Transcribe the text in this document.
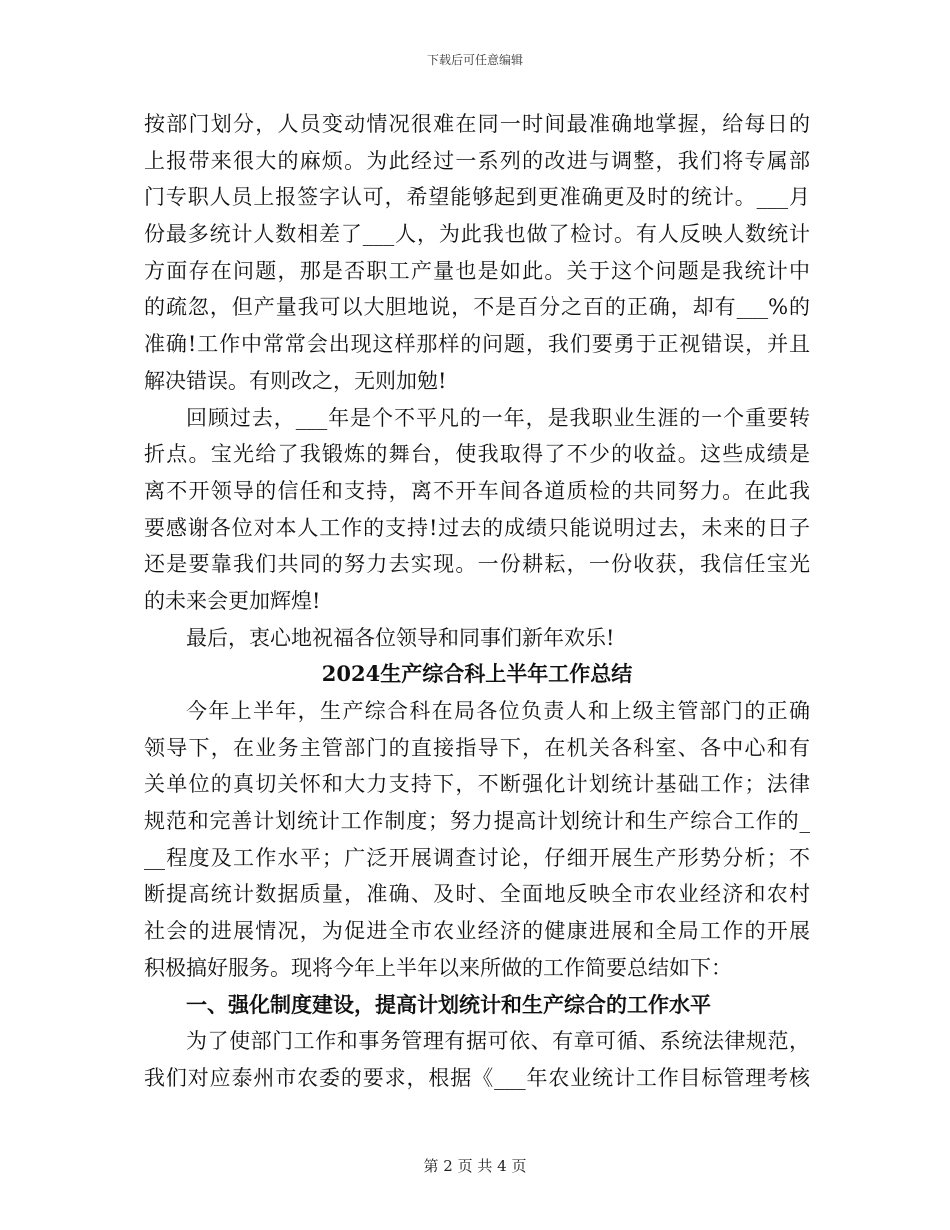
下载后可任意编辑
按部门划分，人员变动情况很难在同一时间最准确地掌握，给每日的
上报带来很大的麻烦。为此经过一系列的改进与调整，我们将专属部
门专职人员上报签字认可，希望能够起到更准确更及时的统计。___月
份最多统计人数相差了___人，为此我也做了检讨。有人反映人数统计
方面存在问题，那是否职工产量也是如此。关于这个问题是我统计中
的疏忽，但产量我可以大胆地说，不是百分之百的正确，却有___%的
准确!工作中常常会出现这样那样的问题，我们要勇于正视错误，并且
解决错误。有则改之，无则加勉!
回顾过去，___年是个不平凡的一年，是我职业生涯的一个重要转
折点。宝光给了我锻炼的舞台，使我取得了不少的收益。这些成绩是
离不开领导的信任和支持，离不开车间各道质检的共同努力。在此我
要感谢各位对本人工作的支持!过去的成绩只能说明过去，未来的日子
还是要靠我们共同的努力去实现。一份耕耘，一份收获，我信任宝光
的未来会更加辉煌!
最后，衷心地祝福各位领导和同事们新年欢乐!
2024生产综合科上半年工作总结
今年上半年，生产综合科在局各位负责人和上级主管部门的正确
领导下，在业务主管部门的直接指导下，在机关各科室、各中心和有
关单位的真切关怀和大力支持下，不断强化计划统计基础工作；法律
规范和完善计划统计工作制度；努力提高计划统计和生产综合工作的_
__程度及工作水平；广泛开展调查讨论，仔细开展生产形势分析；不
断提高统计数据质量，准确、及时、全面地反映全市农业经济和农村
社会的进展情况，为促进全市农业经济的健康进展和全局工作的开展
积极搞好服务。现将今年上半年以来所做的工作简要总结如下：
一、强化制度建设，提高计划统计和生产综合的工作水平
为了使部门工作和事务管理有据可依、有章可循、系统法律规范，
我们对应泰州市农委的要求，根据《___年农业统计工作目标管理考核
第 2 页 共 4 页
